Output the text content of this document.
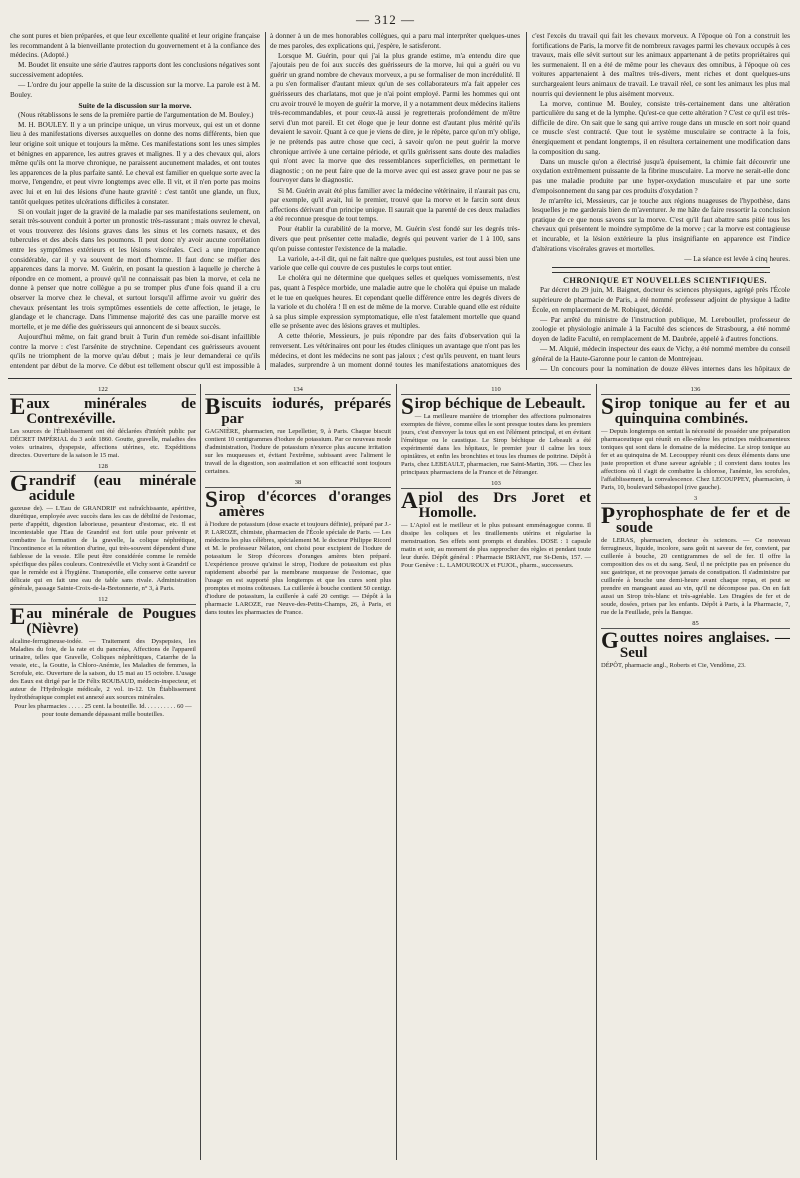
— 312 —

che sont pures et bien préparées, et que leur excellente qualité et leur origine française les recommandent à la bienveillante protection du gouvernement et à la confiance des médecins. (Adopté.)

M. Boudet lit ensuite une série d'autres rapports dont les conclusions négatives sont successivement adoptées.

— L'ordre du jour appelle la suite de la discussion sur la morve. La parole est à M. Bouley.

Suite de la discussion sur la morve.

(Nous rétablissons le sens de la première partie de l'argumentation de M. Bouley.)

M. H. BOULEY. Il y a un principe unique, un virus morveux, qui est un et donne lieu à des manifestations diverses auxquelles on donne des noms différents, bien que leur origine soit unique et toujours la même. Ces manifestations sont les unes simples et bénignes en apparence, les autres graves et malignes. Il y a des chevaux qui, alors même qu'ils ont la morve chronique, ne paraissent aucunement malades, et ont toutes les apparences de la plus parfaite santé. Le cheval est familier en quelque sorte avec la morve, l'engendre, et peut vivre longtemps avec elle. Il vit, et il n'en porte pas moins avec lui et en lui des lésions d'une haute gravité : c'est tantôt une glande, un flux, tantôt quelques petites ulcérations difficiles à constater.

Si on voulait juger de la gravité de la maladie par ses manifestations seulement, on serait très-souvent conduit à porter un pronostic très-rassurant ; mais ouvrez le cheval, et vous trouverez des lésions graves dans les sinus et les cornets nasaux, et des tubercules et des abcès dans les poumons. Il peut donc n'y avoir aucune corrélation entre les symptômes extérieurs et les lésions viscérales. Ceci a une importance considérable, car il y va souvent de mort d'homme. Il faut donc se méfier des apparences dans la morve. M. Guérin, en posant la question à laquelle je cherche à répondre en ce moment, a prouvé qu'il ne connaissait pas bien la morve, et cela ne donne à penser que notre collègue a pu se tromper plus d'une fois quand il a cru observer la morve chez le cheval, et surtout lorsqu'il affirme avoir vu guérir des chevaux présentant les trois symptômes essentiels de cette affection, le jetage, le glandage et le chancrage. Dans l'immense majorité des cas une paraille morve est mortelle, et je me défie des guérisseurs qui annoncent de si beaux succès.

Aujourd'hui même, on fait grand bruit à Turin d'un remède soi-disant infaillible contre la morve : c'est l'arsénite de strychnine. Cependant ces guérisseurs avouent qu'ils ne triomphent de la morve qu'au début ; mais je leur demanderai ce qu'ils entendent par début de la morve. Ce début est tellement obscur qu'il est impossible à

à donner à un de mes honorables collègues, qui a paru mal interpréter quelques-unes de mes paroles, des explications qui, j'espère, le satisferont.

Lorsque M. Guérin, pour qui j'ai la plus grande estime, m'a entendu dire que j'ajoutais peu de foi aux succès des guérisseurs de la morve, lui qui a guéri ou vu guérir un grand nombre de chevaux morveux, a pu se formaliser de mon incrédulité. Il a pu s'en formaliser d'autant mieux qu'un de ses collaborateurs m'a fait appeler ces guérisseurs des charlatans, mot que je n'ai point employé. Parmi les hommes qui ont cru avoir trouvé le moyen de guérir la morve, il y a notamment deux médecins italiens très-recommandables, et pour ceux-là aussi je regretterais profondément de m'être servi d'un mot pareil. Et cet éloge que je leur donne est d'autant plus mérité qu'ils devaient le savoir. Quant à ce que je viens de dire, je le répète, parce qu'on m'y oblige, je ne prétends pas autre chose que ceci, à savoir qu'on ne peut guérir la morve chronique arrivée à une certaine période, et qu'ils guérissent sans doute des maladies qui n'ont avec la morve que des ressemblances superficielles, en permettant le diagnostic ; on ne peut faire que de la morve avec qui est assez grave pour ne pas se fourvoyer dans le diagnostic.

Si M. Guérin avait été plus familier avec la médecine vétérinaire, il n'aurait pas cru, par exemple, qu'il avait, lui le premier, trouvé que la morve et le farcin sont deux affections dérivant d'un principe unique. Il saurait que la parenté de ces deux maladies a été reconnue presque de tout temps.

Pour établir la curabilité de la morve, M. Guérin s'est fondé sur les degrés très-divers que peut présenter cette maladie, degrés qui peuvent varier de 1 à 100, sans qu'on puisse contester l'existence de la maladie.

La variole, a-t-il dit, qui ne fait naître que quelques pustules, est tout aussi bien une variole que celle qui couvre de ces pustules le corps tout entier.

Le choléra qui ne détermine que quelques selles et quelques vomissements, n'est pas, quant à l'espèce morbide, une maladie autre que le choléra qui épuise un malade et le tue en quelques heures. Et cependant quelle différence entre les degrés divers de la variole et du choléra ! Il en est de même de la morve. Curable quand elle est réduite à sa plus simple expression symptomatique, elle n'est fatalement mortelle que quand elle se présente avec des lésions graves et multiples.

A cette théorie, Messieurs, je puis répondre par des faits d'observation qui la renversent. Les vétérinaires ont pour les études cliniques un avantage que n'ont pas les médecins, et dont les médecins ne sont pas jaloux ; c'est qu'ils peuvent, en tuant leurs malades, surprendre à un moment donné toutes les manifestations anatomiques des

c'est l'excès du travail qui fait les chevaux morveux. A l'époque où l'on a construit les fortifications de Paris, la morve fit de nombreux ravages parmi les chevaux occupés à ces travaux, mais elle sévit surtout sur les animaux appartenant à de petits propriétaires qui les surmenaient. Il en a été de même pour les chevaux des omnibus, à l'époque où ces voitures appartenaient à des maîtres très-divers, ment riches et dont quelques-uns surchargeaient leurs animaux de travail. Le travail réel, ce sont les animaux les plus mal nourris qui deviennent le plus aisément morveux.

La morve, continue M. Bouley, consiste très-certainement dans une altération particulière du sang et de la lymphe. Qu'est-ce que cette altération ? C'est ce qu'il est très-difficile de dire. On sait que le sang qui arrive rouge dans un muscle en sort noir quand ce muscle s'est contracté. Que tout le système musculaire se contracte à la fois, énergiquement et pendant longtemps, il en résultera certainement une modification dans la composition du sang.

Dans un muscle qu'on a électrisé jusqu'à épuisement, la chimie fait découvrir une oxydation extrêmement puissante de la fibrine musculaire. La morve ne serait-elle donc pas une maladie produite par une hyper-oxydation musculaire et par une sorte d'empoisonnement du sang par ces produits d'oxydation ?

Je m'arrête ici, Messieurs, car je touche aux régions nuageuses de l'hypothèse, dans lesquelles je me garderais bien de m'aventurer. Je me hâte de faire ressortir la conclusion pratique de ce que nous savons sur la morve. C'est qu'il faut abattre sans pitié tous les chevaux qui présentent le moindre symptôme de la morve ; car la morve est contagieuse et incurable, et la lésion extérieure la plus insignifiante en apparence est l'indice d'altérations viscérales graves et mortelles.

— La séance est levée à cinq heures.

CHRONIQUE ET NOUVELLES SCIENTIFIQUES.

Par décret du 29 juin, M. Baignet, docteur ès sciences physiques, agrégé près l'École supérieure de pharmacie de Paris, a été nommé professeur adjoint de physique à ladite École, en remplacement de M. Robiquet, décédé.

— Par arrêté du ministre de l'instruction publique, M. Lereboullet, professeur de zoologie et physiologie animale à la Faculté des sciences de Strasbourg, a été nommé doyen de ladite Faculté, en remplacement de M. Daubrée, appelé à d'autres fonctions.

— M. Alquié, médecin inspecteur des eaux de Vichy, a été nommé membre du conseil général de la Haute-Garonne pour le canton de Montrejeau.

— Un concours pour la nomination de douze élèves internes dans les hôpitaux de

122
Eaux minérales de Contrexéville.

Les sources de l'Établissement ont été déclarées d'intérêt public par DÉCRET IMPÉRIAL du 3 août 1860. Goutte, gravelle, maladies des voies urinaires, dyspepsie, affections utérines, etc. Expéditions directes. Ouverture de la saison le 15 mai.

128
Grandrif (eau minérale acidule

gazeuse de). — L'Eau de GRANDRIF est rafraîchissante, apéritive, diurétique, employée avec succès dans les cas de débilité de l'estomac, perte d'appétit, digestion laborieuse, pesanteur d'estomac, etc. Il est incontestable que l'Eau de Grandrif est fort utile pour prévenir et combattre la formation de la gravelle, la colique néphrétique, l'incontinence et la rétention d'urine, qui très-souvent dépendent d'une faiblesse de la vessie. Elle peut être considérée comme le remède spécifique des pâles couleurs. Contrexéville et Vichy sont à Grandrif ce que le remède est à l'hygiène. Transportée, elle conserve cette saveur délicate qui en fait une eau de table sans rivale. Administration générale, passage Sainte-Croix-de-la-Bretonnerie, n° 3, à Paris.

112
Eau minérale de Pougues (Nièvre)

alcaline-ferrugineuse-iodée. — Traitement des Dyspepsies, les Maladies du foie, de la rate et du pancréas, Affections de l'appareil urinaire, telles que Gravelle, Coliques néphrétiques, Catarrhe de la vessie, etc., la Goutte, la Chloro-Anémie, les Maladies de femmes, la Scrofule, etc. Ouverture de la saison, du 15 mai au 15 octobre. L'usage des Eaux est dirigé par le Dr Félix ROUBAUD, médecin-inspecteur, et auteur de l'Hydrologie médicale, 2 vol. in-12. Un Établissement hydrothérapique complet est annexé aux sources minérales.

Pour les pharmacies . . . . . 25 cent. la bouteille. Id. . . . . . . . . . 60 — pour toute demande dépassant mille bouteilles.
134
Biscuits iodurés, préparés par

GAGNIÈRE, pharmacien, rue Lepelletier, 9, à Paris. Chaque biscuit contient 10 centigrammes d'iodure de potassium. Par ce nouveau mode d'administration, l'iodure de potassium n'exerce plus aucune irritation sur les muqueuses et, évitant l'extrême, subissant avec l'aliment le travail de la digestion, son assimilation et son efficacité sont toujours certaines.

38
Sirop d'écorces d'oranges amères

à l'iodure de potassium (dose exacte et toujours définie), préparé par J.-P. LAROZE, chimiste, pharmacien de l'École spéciale de Paris. — Les médecins les plus célèbres, spécialement M. le docteur Philippe Ricord et M. le professeur Nélaton, ont choisi pour excipient de l'iodure de potassium le Sirop d'écorces d'oranges amères bien préparé. L'expérience prouve qu'ainsi le sirop, l'iodure de potassium est plus rapidement absorbé par la membrane muqueuse de l'estomac, que l'usage en est supporté plus longtemps et que les cures sont plus promptes et moins coûteuses. La cuillerée à bouche contient 50 centigr. d'iodure de potassium, la cuillerée à café 20 centigr. — Dépôt à la pharmacie LAROZE, rue Neuve-des-Petits-Champs, 26, à Paris, et dans toutes les pharmacies de France.

110
Sirop béchique de Lebeault.

— La meilleure manière de triompher des affections pulmonaires exemptes de fièvre, comme elles le sont presque toutes dans les premiers jours, c'est d'envoyer la toux qui en est l'élément principal, et en évitant l'émétique ou le caustique. Le Sirop béchique de Lebeault a été expérimenté dans les hôpitaux, le premier jour il calme les toux opiniâtres, et enfin les bronchites et tous les rhumes de poitrine. Dépôt à Paris, chez LEBEAULT, pharmacien, rue Saint-Martin, 396. — Chez les principaux pharmaciens de la France et de l'étranger.

103
Apiol des Drs Joret et Homolle.

— L'Apiol est le meilleur et le plus puissant emménagogue connu. Il dissipe les coliques et les tiraillements utérins et régularise la menstruation. Ses effets sont prompts et durables. DOSE : 1 capsule matin et soir, au moment de plus rapprocher des règles et pendant toute leur durée. Dépôt général : Pharmacie BRIANT, rue St-Denis, 157. — Pour Genève : L. LAMOUROUX et FUJOL, pharm., successeurs.

136
Sirop tonique au fer et au quinquina combinés.

— Depuis longtemps on sentait la nécessité de posséder une préparation pharmaceutique qui réunît en elle-même les principes médicamenteux toniques qui sont dans le domaine de la médecine. Le sirop tonique au fer et au quinquina de M. Lecouppey réunit ces deux éléments dans une juste proportion et d'une saveur agréable ; il convient dans toutes les affections où il s'agit de combattre la chlorose, l'anémie, les scrofules, l'affaiblissement, la convalescence. Chez LECOUPPEY, pharmacien, à Paris, 10, boulevard Sébastopol (rive gauche).

3
Pyrophosphate de fer et de soude

de LERAS, pharmacien, docteur ès sciences. — Ce nouveau ferrugineux, liquide, incolore, sans goût ni saveur de fer, convient, par cuillerée à bouche, 20 centigrammes de sel de fer. Il offre la composition des os et du sang. Seul, il ne précipite pas en présence du suc gastrique, et ne provoque jamais de constipation. Il s'administre par cuillerée à bouche une demi-heure avant chaque repas, et peut se prendre en mangeant aussi au vin, qu'il ne décompose pas. On en fait aussi un Sirop très-blanc et très-agréable. Les Dragées de fer et de soude, dosées, prises par les enfants. Dépôt à Paris, à la Pharmacie, 7, rue de la Feuillade, près la Banque.

85
Gouttes noires anglaises. — Seul

DÉPÔT, pharmacie angl., Roberts et Cie, Vendôme, 23.
